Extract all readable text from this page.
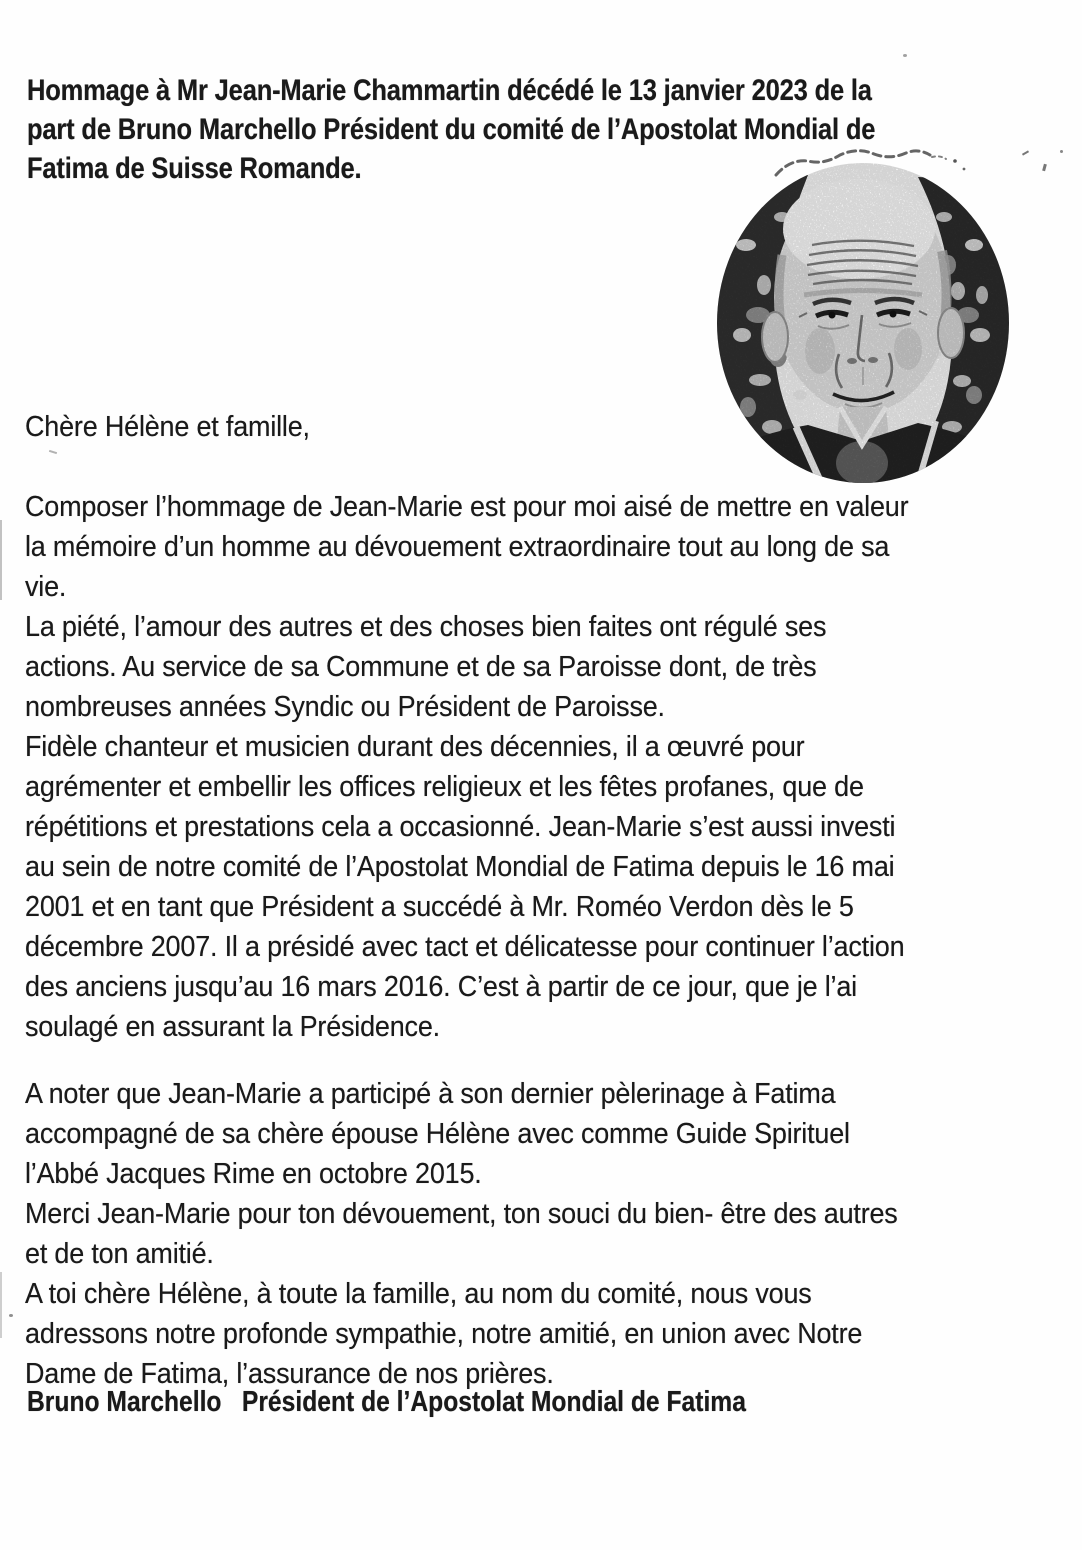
Hommage à Mr Jean-Marie Chammartin décédé le 13 janvier 2023 de la
part de Bruno Marchello Président du comité de l’Apostolat Mondial de
Fatima de Suisse Romande.
Chère Hélène et famille,
Composer l’hommage de Jean-Marie est pour moi aisé de mettre en valeur
la mémoire d’un homme au dévouement extraordinaire tout au long de sa
vie.
La piété, l’amour des autres et des choses bien faites ont régulé ses
actions. Au service de sa Commune et de sa Paroisse dont, de très
nombreuses années Syndic ou Président de Paroisse.
Fidèle chanteur et musicien durant des décennies, il a œuvré pour
agrémenter et embellir les offices religieux et les fêtes profanes, que de
répétitions et prestations cela a occasionné. Jean-Marie s’est aussi investi
au sein de notre comité de l’Apostolat Mondial de Fatima depuis le 16 mai
2001 et en tant que Président a succédé à Mr. Roméo Verdon dès le 5
décembre 2007. Il a présidé avec tact et délicatesse pour continuer l’action
des anciens jusqu’au 16 mars 2016. C’est à partir de ce jour, que je l’ai
soulagé en assurant la Présidence.
A noter que Jean-Marie a participé à son dernier pèlerinage à Fatima
accompagné de sa chère épouse Hélène avec comme Guide Spirituel
l’Abbé Jacques Rime en octobre 2015.
Merci Jean-Marie pour ton dévouement, ton souci du bien- être des autres
et de ton amitié.
A toi chère Hélène, à toute la famille, au nom du comité, nous vous
adressons notre profonde sympathie, notre amitié, en union avec Notre
Dame de Fatima, l’assurance de nos prières.
Bruno Marchello Président de l’Apostolat Mondial de Fatima
